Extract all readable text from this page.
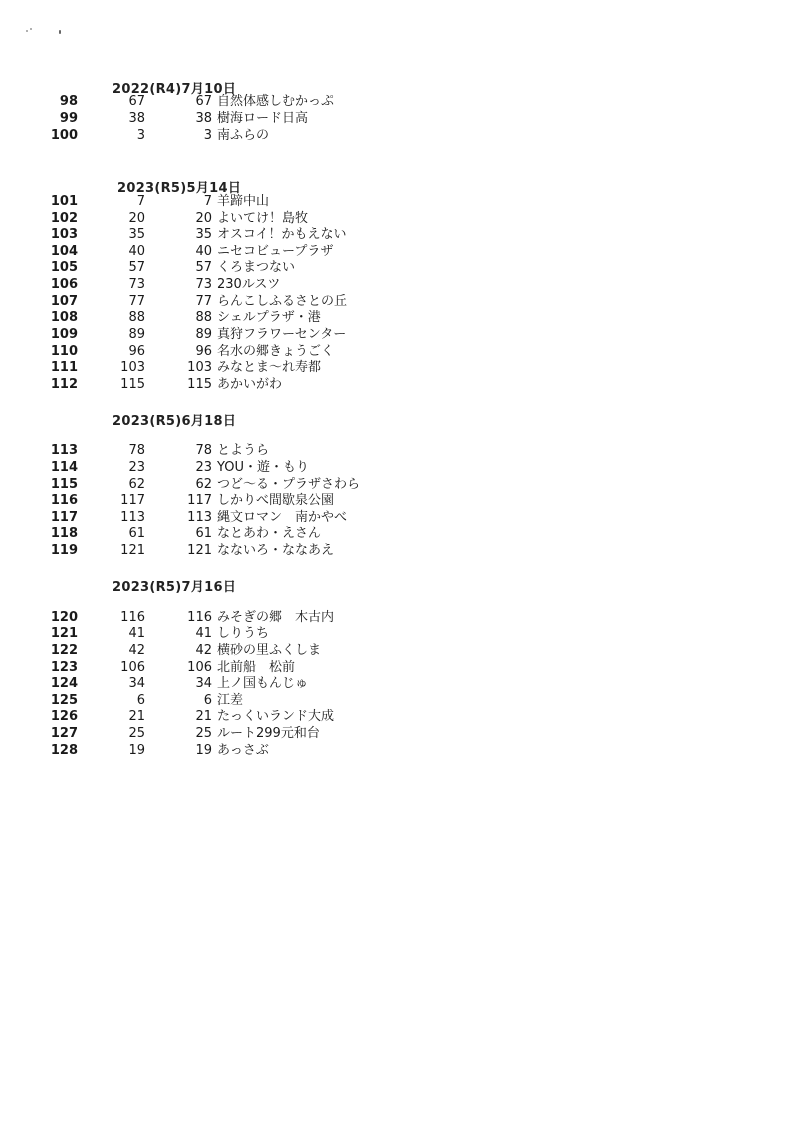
2022(R4)7月10日
98	67	67 自然体感しむかっぷ
99	38	38 樹海ロード日高
100	3	3 南ふらの
2023(R5)5月14日
101	7	7 羊蹄中山
102	20	20 よいてけ！島牧
103	35	35 オスコイ！かもえない
104	40	40 ニセコビュープラザ
105	57	57 くろまつない
106	73	73 230ルスツ
107	77	77 らんこしふるさとの丘
108	88	88 シェルプラザ・港
109	89	89 真狩フラワーセンター
110	96	96 名水の郷きょうごく
111	103	103 みなとま〜れ寿都
112	115	115 あかいがわ
2023(R5)6月18日
113	78	78 とようら
114	23	23 YOU・遊・もり
115	62	62 つど〜る・プラザさわら
116	117	117 しかりべ間歇泉公園
117	113	113 縄文ロマン　南かやべ
118	61	61 なとあわ・えさん
119	121	121 なないろ・ななあえ
2023(R5)7月16日
120	116	116 みそぎの郷　木古内
121	41	41 しりうち
122	42	42 横砂の里ふくしま
123	106	106 北前船　松前
124	34	34 上ノ国もんじゅ
125	6	6 江差
126	21	21 たっくいランド大成
127	25	25 ルート299元和台
128	19	19 あっさぶ
